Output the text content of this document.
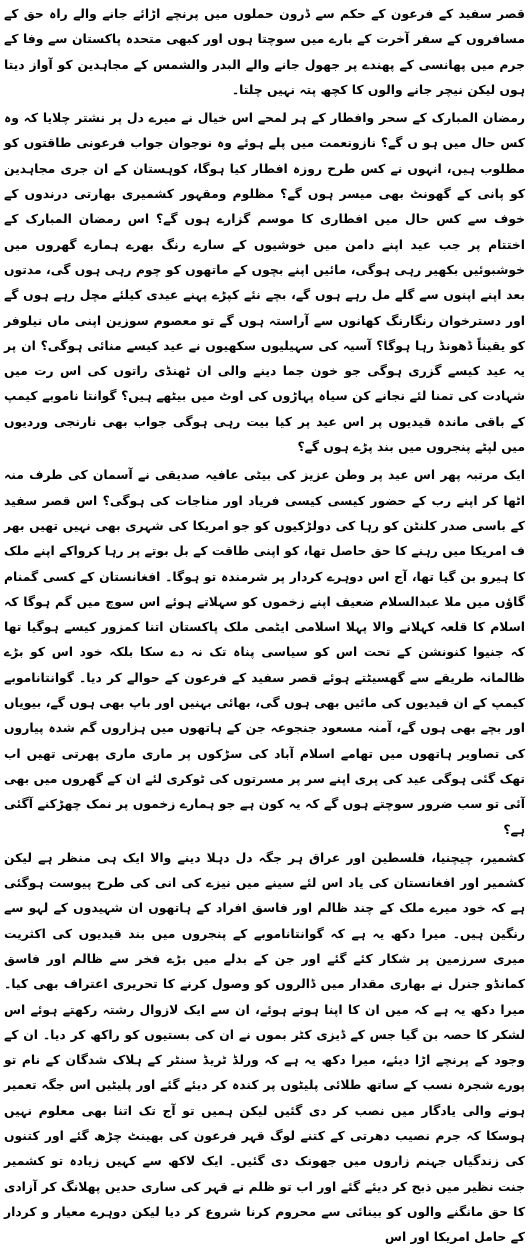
قصر سفید کے فرعون کے حکم سے ڈرون حملوں میں پرنچے اڑائے جانے والے راہ حق کے مسافروں کے سفر آخرت کے بارے میں سوچتا ہوں اور کبھی متحدہ پاکستان سے وفا کے جرم میں پھانسی کے پھندے پر جھول جانے والے البدر والشمس کے مجاہدین کو آواز دیتا ہوں لیکن نیچر جانے والوں کا کچھ پتہ نہیں چلتا۔

رمضان المبارک کے سحر وافطار کے ہر لمحے اس خیال نے میرے دل پر نشتر چلایا کہ وہ کس حال میں ہو ں گے؟ نازونعمت میں پلے ہوئے وہ نوجوان جواب فرعونی طاقتوں کو مطلوب ہیں، انہوں نے کس طرح روزہ افطار کیا ہوگا، کوہستان کے ان جری مجاہدین کو پانی کے گھونٹ بھی میسر ہوں گے؟ مظلوم ومقہور کشمیری بھارتی درندوں کے خوف سے کس حال میں افطاری کا موسم گزارے ہوں گے؟ اس رمضان المبارک کے اختتام پر جب عید اپنے دامن میں خوشیوں کے سارے رنگ بھرے ہمارے گھروں میں خوشبوئیں بکھیر رہی ہوگی، مائیں اپنے بچوں کے ماتھوں کو چوم رہی ہوں گی، مدتوں بعد اپنے اپنوں سے گلے مل رہے ہوں گے، بچے نئے کپڑے پہنے عیدی کیلئے مچل رہے ہوں گے اور دسترخوان رنگارنگ کھانوں سے آراستہ ہوں گے تو معصوم سوزین اپنی ماں نیلوفر کو یقیناً ڈھونڈ رہا ہوگا؟ آسیہ کی سہیلیوں سکھیوں نے عید کیسے منائی ہوگی؟ ان پر یہ عید کیسے گزری ہوگی جو خون جما دینے والی ان ٹھنڈی راتوں کی اس رت میں شہادت کی تمنا لئے نجانے کن سیاہ پہاڑوں کی اوٹ میں بیٹھے ہیں؟ گوانتا ناموبے کیمپ کے باقی ماندہ قیدیوں پر اس عید پر کیا بیت رہی ہوگی جواب بھی نارنجی وردیوں میں لپٹے پنجروں میں بند پڑے ہوں گے؟

ایک مرتبہ پھر اس عید پر وطن عزیز کی بیٹی عافیہ صدیقی نے آسمان کی طرف منہ اٹھا کر اپنے رب کے حضور کیسی کیسی فریاد اور مناجات کی ہوگی؟ اس قصر سفید کے باسی صدر کلنٹن کو رہا کی دولڑکیوں کو جو امریکا کی شہری بھی نہیں تھیں بھر ف امریکا میں رہنے کا حق حاصل تھا، کو اپنی طاقت کے بل بوتے پر رہا کرواکے اپنے ملک کا ہیرو بن گیا تھا، آج اس دوہرے کردار پر شرمندہ تو ہوگا۔ افغانستان کے کسی گمنام گاؤں میں ملا عبدالسلام ضعیف اپنے زخموں کو سہلاتے ہوئے اس سوچ میں گم ہوگا کہ اسلام کا قلعہ کہلانے والا پہلا اسلامی ایٹمی ملک پاکستان اتنا کمزور کیسے ہوگیا تھا کہ جنیوا کنونشن کے تحت اس کو سیاسی پناہ تک نہ دے سکا بلکہ خود اس کو بڑے ظالمانہ طریقے سے گھسیٹتے ہوئے قصر سفید کے فرعون کے حوالے کر دیا۔ گوانتاناموبے کیمپ کے ان قیدیوں کی مائیں بھی ہوں گی، بھائی بہنیں اور باپ بھی ہوں گے، بیویاں اور بچے بھی ہوں گے، آمنہ مسعود جنجوعہ جن کے ہاتھوں میں ہزاروں گم شدہ پیاروں کی تصاویر ہاتھوں میں تھامے اسلام آباد کی سڑکوں پر ماری ماری پھرتی تھیں اب تھک گئی ہوگی عید کی پری اپنے سر پر مسرتوں کی ٹوکری لئے ان کے گھروں میں بھی آئی تو سب ضرور سوچتے ہوں گے کہ یہ کون ہے جو ہمارے زخموں پر نمک چھڑکنے آگئی ہے؟

کشمیر، چیچنیا، فلسطین اور عراق ہر جگہ دل دہلا دینے والا ایک ہی منظر ہے لیکن کشمیر اور افغانستان کی یاد اس لئے سینے میں نیزے کی انی کی طرح پیوست ہوگئی ہے کہ خود میرے ملک کے چند ظالم اور فاسق افراد کے ہاتھوں ان شہیدوں کے لہو سے رنگین ہیں۔ میرا دکھ یہ ہے کہ گوانتاناموبے کے پنجروں میں بند قیدیوں کی اکثریت میری سرزمین پر شکار کئے گئے اور جن کے بدلے میں بڑے فخر سے ظالم اور فاسق کمانڈو جنرل نے بھاری مقدار میں ڈالروں کو وصول کرنے کا تحریری اعتراف بھی کیا۔ میرا دکھ یہ ہے کہ میں ان کا اپنا ہوتے ہوئے، ان سے ایک لازوال رشتہ رکھتے ہوئے اس لشکر کا حصہ بن گیا جس کے ڈیزی کٹر بموں نے ان کی بستیوں کو راکھ کر دیا۔ ان کے وجود کے پرنچے اڑا دیئے، میرا دکھ یہ ہے کہ ورلڈ ٹریڈ سنٹر کے ہلاک شدگان کے نام تو پورے شجرہ نسب کے ساتھ طلائی پلیٹوں پر کندہ کر دیئے گئے اور پلیٹیں اس جگہ تعمیر ہونے والی یادگار میں نصب کر دی گئیں لیکن ہمیں تو آج تک اتنا بھی معلوم نہیں ہوسکا کہ جرم نصیب دھرتی کے کتنے لوگ قہر فرعون کی بھینٹ چڑھ گئے اور کتنوں کی زندگیاں جہنم زاروں میں جھونک دی گئیں۔ ایک لاکھ سے کہیں زیادہ تو کشمیر جنت نظیر میں ذبح کر دیئے گئے اور اب تو ظلم نے قہر کی ساری حدیں پھلانگ کر آزادی کا حق مانگنے والوں کو بینائی سے محروم کرنا شروع کر دیا لیکن دوہرے معیار و کردار کے حامل امریکا اور اس
